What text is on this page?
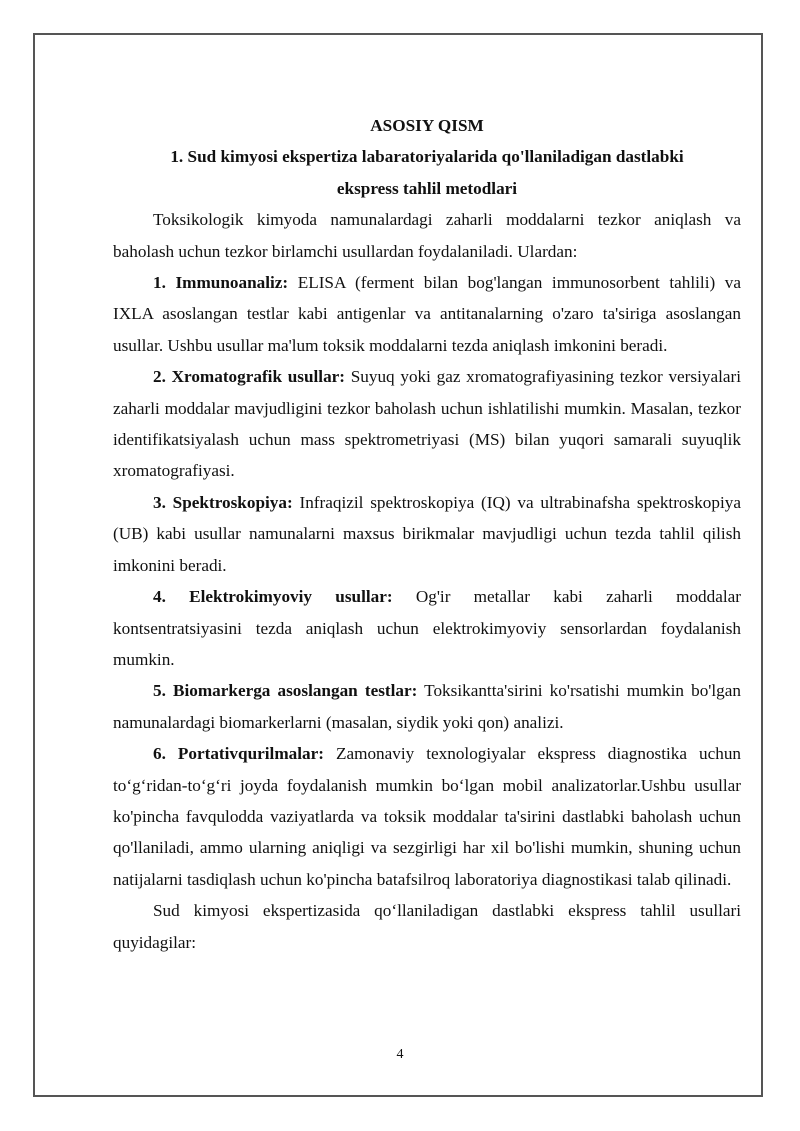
ASOSIY QISM

1. Sud kimyosi ekspertiza labaratoriyalarida qo'llaniladigan dastlabki

ekspress tahlil metodlari

Toksikologik kimyoda namunalardagi zaharli moddalarni tezkor aniqlash va baholash uchun tezkor birlamchi usullardan foydalaniladi. Ulardan:

1. Immunoanaliz: ELISA (ferment bilan bog'langan immunosorbent tahlili) va IXLA asoslangan testlar kabi antigenlar va antitanalarning o'zaro ta'siriga asoslangan usullar. Ushbu usullar ma'lum toksik moddalarni tezda aniqlash imkonini beradi.

2. Xromatografik usullar: Suyuq yoki gaz xromatografiyasining tezkor versiyalari zaharli moddalar mavjudligini tezkor baholash uchun ishlatilishi mumkin. Masalan, tezkor identifikatsiyalash uchun mass spektrometriyasi (MS) bilan yuqori samarali suyuqlik xromatografiyasi.

3. Spektroskopiya: Infraqizil spektroskopiya (IQ) va ultrabinafsha spektroskopiya (UB) kabi usullar namunalarni maxsus birikmalar mavjudligi uchun tezda tahlil qilish imkonini beradi.

4. Elektrokimyoviy usullar: Og'ir metallar kabi zaharli moddalar kontsentratsiyasini tezda aniqlash uchun elektrokimyoviy sensorlardan foydalanish mumkin.

5. Biomarkerga asoslangan testlar: Toksikantta'sirini ko'rsatishi mumkin bo'lgan namunalardagi biomarkerlarni (masalan, siydik yoki qon) analizi.

6. Portativqurilmalar: Zamonaviy texnologiyalar ekspress diagnostika uchun to‘g‘ridan-to‘g‘ri joyda foydalanish mumkin bo‘lgan mobil analizatorlar.Ushbu usullar ko'pincha favqulodda vaziyatlarda va toksik moddalar ta'sirini dastlabki baholash uchun qo'llaniladi, ammo ularning aniqligi va sezgirligi har xil bo'lishi mumkin, shuning uchun natijalarni tasdiqlash uchun ko'pincha batafsilroq laboratoriya diagnostikasi talab qilinadi.

Sud kimyosi ekspertizasida qo‘llaniladigan dastlabki ekspress tahlil usullari quyidagilar:

4
